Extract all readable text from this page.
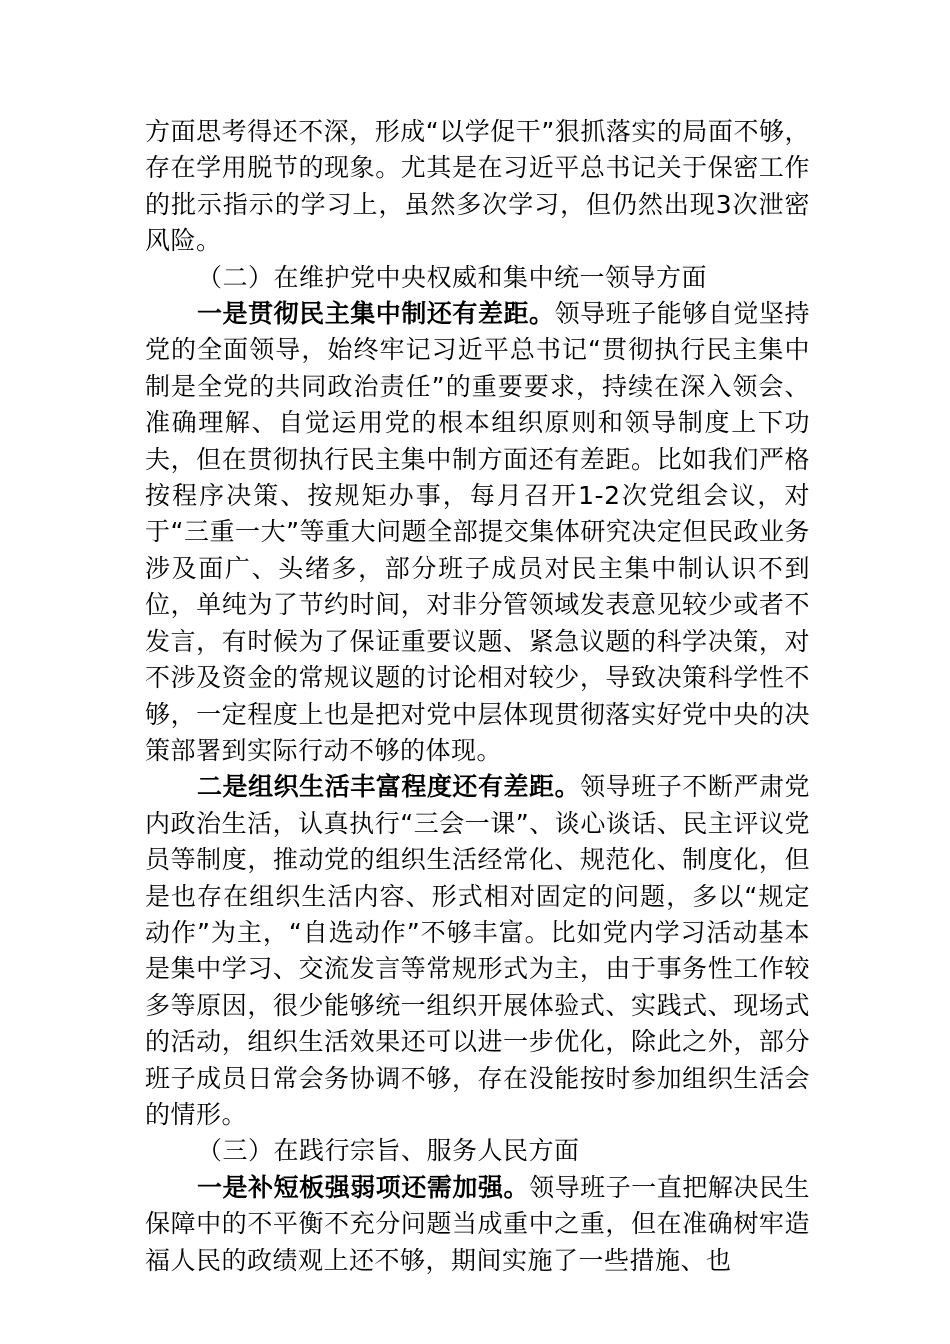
方面思考得还不深，形成“以学促干”狠抓落实的局面不够，存在学用脱节的现象。尤其是在习近平总书记关于保密工作的批示指示的学习上，虽然多次学习，但仍然出现3次泄密风险。

（二）在维护党中央权威和集中统一领导方面

一是贯彻民主集中制还有差距。领导班子能够自觉坚持党的全面领导，始终牢记习近平总书记“贯彻执行民主集中制是全党的共同政治责任”的重要要求，持续在深入领会、准确理解、自觉运用党的根本组织原则和领导制度上下功夫，但在贯彻执行民主集中制方面还有差距。比如我们严格按程序决策、按规矩办事，每月召开1-2次党组会议，对于“三重一大”等重大问题全部提交集体研究决定但民政业务涉及面广、头绪多，部分班子成员对民主集中制认识不到位，单纯为了节约时间，对非分管领域发表意见较少或者不发言，有时候为了保证重要议题、紧急议题的科学决策，对不涉及资金的常规议题的讨论相对较少，导致决策科学性不够，一定程度上也是把对党中层体现贯彻落实好党中央的决策部署到实际行动不够的体现。

二是组织生活丰富程度还有差距。领导班子不断严肃党内政治生活，认真执行“三会一课”、谈心谈话、民主评议党员等制度，推动党的组织生活经常化、规范化、制度化，但是也存在组织生活内容、形式相对固定的问题，多以“规定动作”为主，“自选动作”不够丰富。比如党内学习活动基本是集中学习、交流发言等常规形式为主，由于事务性工作较多等原因，很少能够统一组织开展体验式、实践式、现场式的活动，组织生活效果还可以进一步优化，除此之外，部分班子成员日常会务协调不够，存在没能按时参加组织生活会的情形。

（三）在践行宗旨、服务人民方面

一是补短板强弱项还需加强。领导班子一直把解决民生保障中的不平衡不充分问题当成重中之重，但在准确树牢造福人民的政绩观上还不够，期间实施了一些措施、也
